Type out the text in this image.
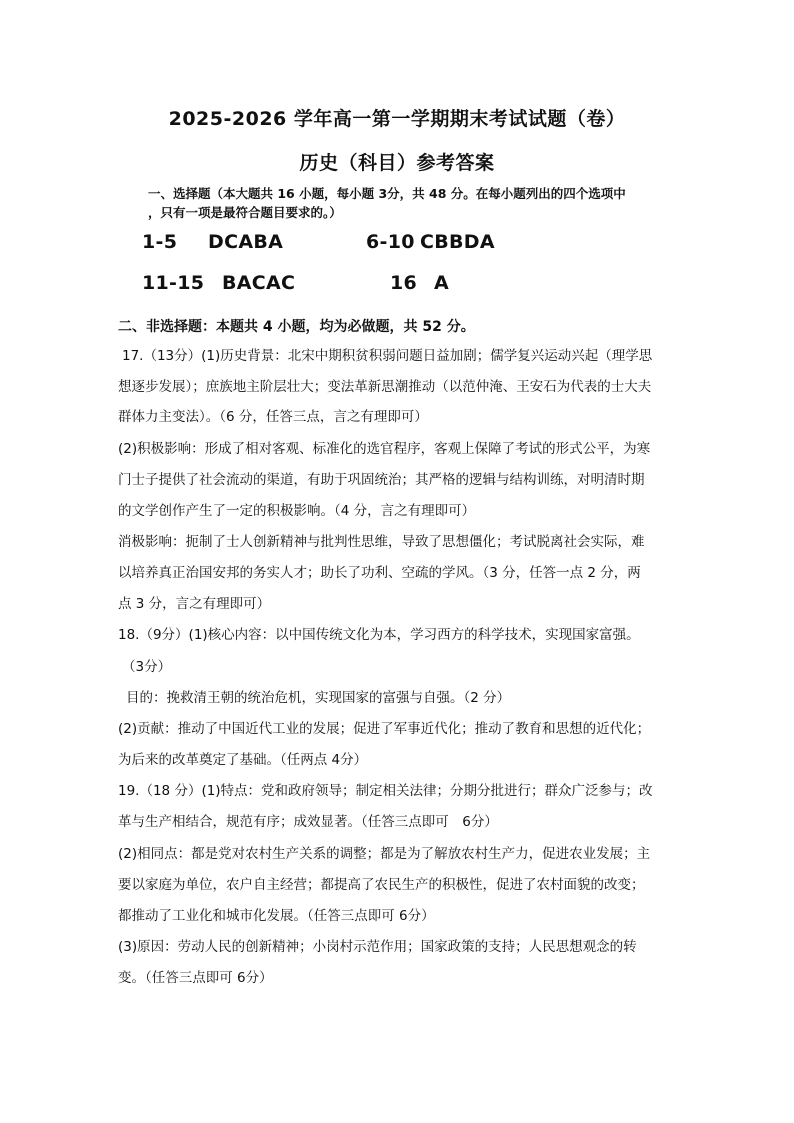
2025-2026 学年高一第一学期期末考试试题（卷）
历史（科目）参考答案
一、选择题（本大题共 16 小题，每小题 3分，共 48 分。在每小题列出的四个选项中
，只有一项是最符合题目要求的。）
1-5 DCABA	6-10 CBBDA
11-15 BACAC	16 A
二、非选择题：本题共 4 小题，均为必做题，共 52 分。
17.（13分）(1)历史背景：北宋中期积贫积弱问题日益加剧；儒学复兴运动兴起（理学思
想逐步发展）；庶族地主阶层壮大；变法革新思潮推动（以范仲淹、王安石为代表的士大夫
群体力主变法）。（6 分，任答三点，言之有理即可）
(2)积极影响：形成了相对客观、标准化的选官程序，客观上保障了考试的形式公平，为寒
门士子提供了社会流动的渠道，有助于巩固统治；其严格的逻辑与结构训练，对明清时期
的文学创作产生了一定的积极影响。（4 分，言之有理即可）
消极影响：扼制了士人创新精神与批判性思维，导致了思想僵化；考试脱离社会实际，难
以培养真正治国安邦的务实人才；助长了功利、空疏的学风。（3 分，任答一点 2 分，两
点 3 分，言之有理即可）
18.（9分）(1)核心内容：以中国传统文化为本，学习西方的科学技术，实现国家富强。
（3分）
目的：挽救清王朝的统治危机，实现国家的富强与自强。（2 分）
(2)贡献：推动了中国近代工业的发展；促进了军事近代化；推动了教育和思想的近代化；
为后来的改革奠定了基础。（任两点 4分）
19.（18 分）(1)特点：党和政府领导；制定相关法律；分期分批进行；群众广泛参与；改
革与生产相结合，规范有序；成效显著。（任答三点即可　6分）
(2)相同点：都是党对农村生产关系的调整；都是为了解放农村生产力，促进农业发展；主
要以家庭为单位，农户自主经营；都提高了农民生产的积极性，促进了农村面貌的改变；
都推动了工业化和城市化发展。（任答三点即可 6分）
(3)原因：劳动人民的创新精神；小岗村示范作用；国家政策的支持；人民思想观念的转
变。（任答三点即可 6分）
